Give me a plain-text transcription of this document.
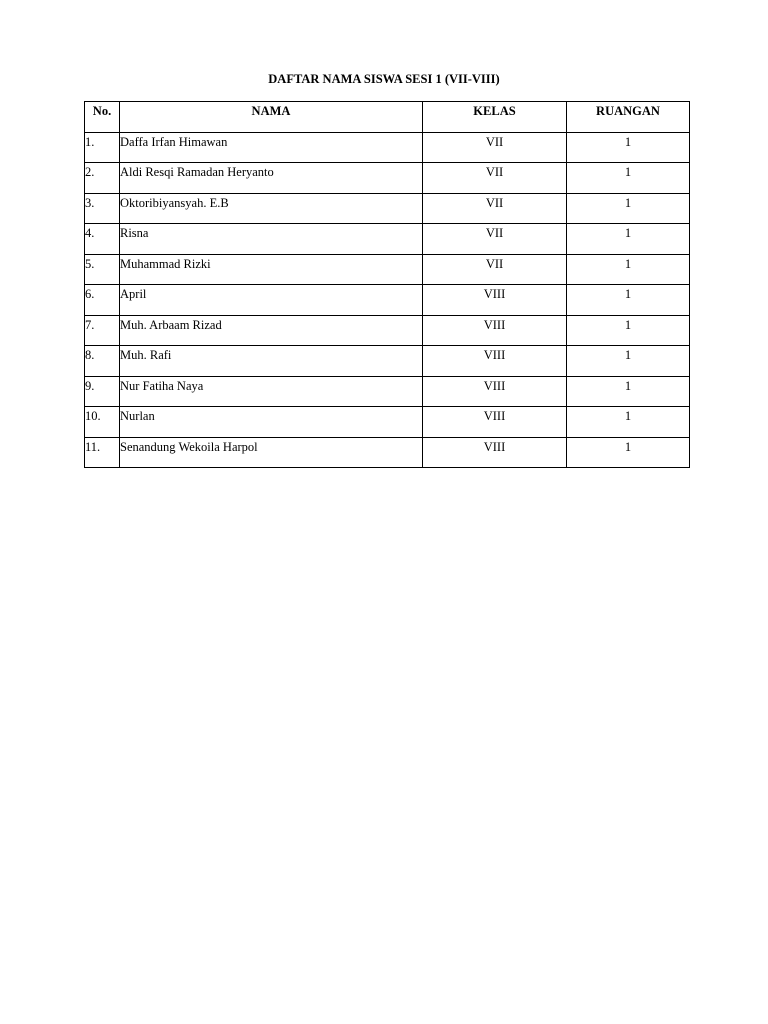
DAFTAR NAMA SISWA SESI 1 (VII-VIII)
No.	NAMA	KELAS	RUANGAN
1.	Daffa Irfan Himawan	VII	1
2.	Aldi Resqi Ramadan Heryanto	VII	1
3.	Oktoribiyansyah. E.B	VII	1
4.	Risna	VII	1
5.	Muhammad Rizki	VII	1
6.	April	VIII	1
7.	Muh. Arbaam Rizad	VIII	1
8.	Muh. Rafi	VIII	1
9.	Nur Fatiha Naya	VIII	1
10.	Nurlan	VIII	1
11.	Senandung Wekoila Harpol	VIII	1
